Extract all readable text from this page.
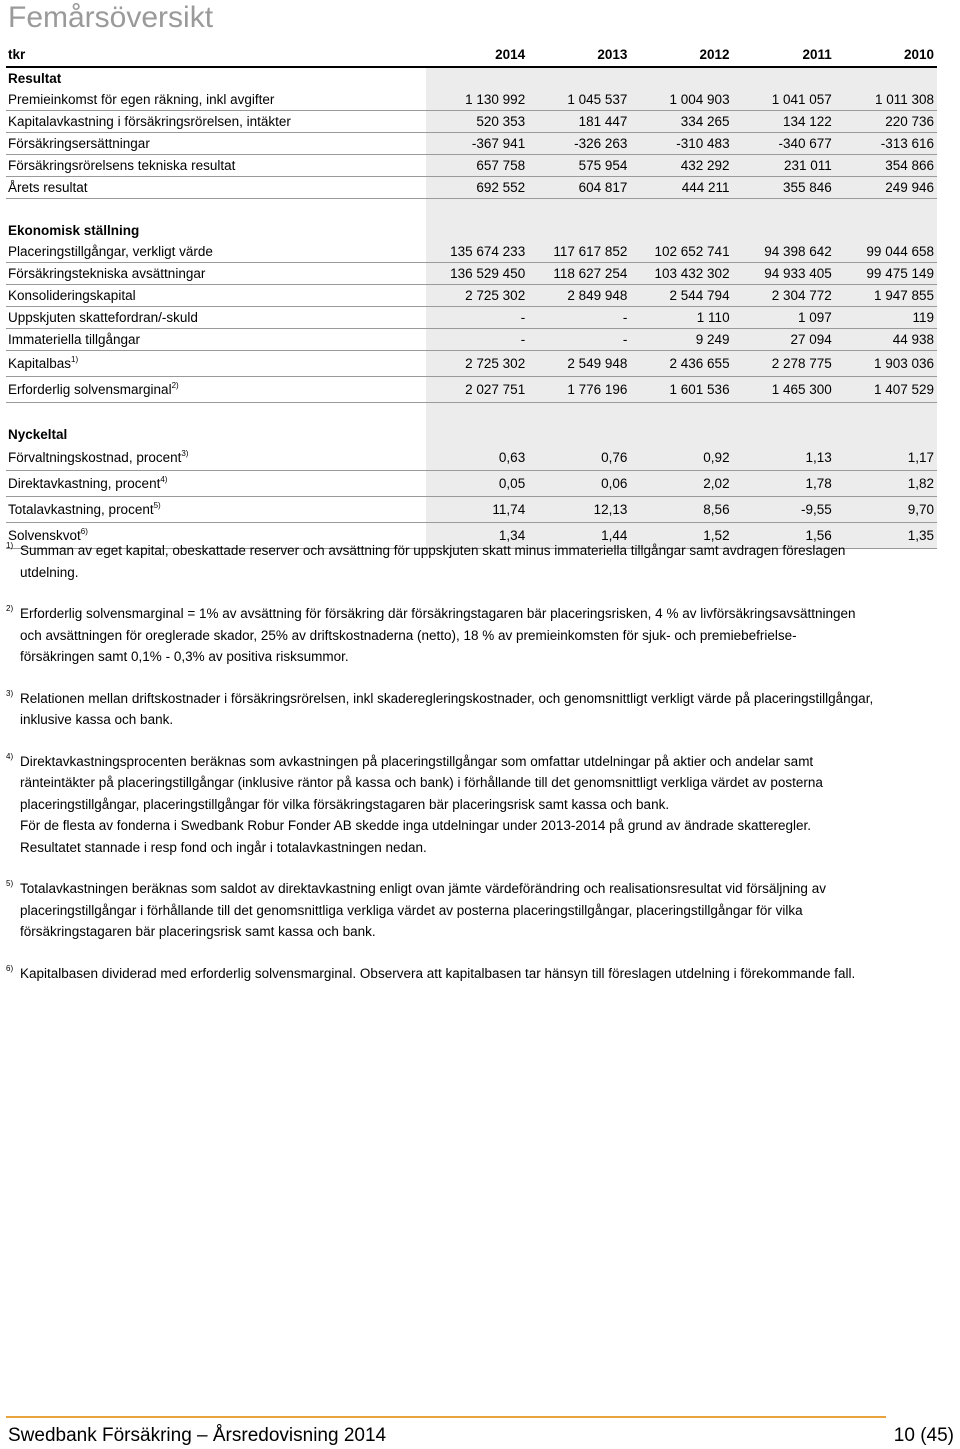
Femårsöversikt
tkr	2014	2013	2012	2011	2010
Resultat					
Premieinkomst för egen räkning, inkl avgifter	1 130 992	1 045 537	1 004 903	1 041 057	1 011 308
Kapitalavkastning i försäkringsrörelsen, intäkter	520 353	181 447	334 265	134 122	220 736
Försäkringsersättningar	-367 941	-326 263	-310 483	-340 677	-313 616
Försäkringsrörelsens tekniska resultat	657 758	575 954	432 292	231 011	354 866
Årets resultat	692 552	604 817	444 211	355 846	249 946

Ekonomisk ställning					
Placeringstillgångar, verkligt värde	135 674 233	117 617 852	102 652 741	94 398 642	99 044 658
Försäkringstekniska avsättningar	136 529 450	118 627 254	103 432 302	94 933 405	99 475 149
Konsolideringskapital	2 725 302	2 849 948	2 544 794	2 304 772	1 947 855
Uppskjuten skattefordran/-skuld	-	-	1 110	1 097	119
Immateriella tillgångar	-	-	9 249	27 094	44 938
Kapitalbas$^{1)}$	2 725 302	2 549 948	2 436 655	2 278 775	1 903 036
Erforderlig solvensmarginal$^{2)}$	2 027 751	1 776 196	1 601 536	1 465 300	1 407 529

Nyckeltal					
Förvaltningskostnad, procent$^{3)}$	0,63	0,76	0,92	1,13	1,17
Direktavkastning, procent$^{4)}$	0,05	0,06	2,02	1,78	1,82
Totalavkastning, procent$^{5)}$	11,74	12,13	8,56	-9,55	9,70
Solvenskvot$^{6)}$	1,34	1,44	1,52	1,56	1,35
1) Summan av eget kapital, obeskattade reserver och avsättning för uppskjuten skatt minus immateriella tillgångar samt avdragen föreslagen

utdelning.

2) Erforderlig solvensmarginal = 1% av avsättning för försäkring där försäkringstagaren bär placeringsrisken, 4 % av livförsäkringsavsättningen

och avsättningen för oreglerade skador, 25% av driftskostnaderna (netto), 18 % av premieinkomsten för sjuk- och premiebefrielse-

försäkringen samt 0,1% - 0,3% av positiva risksummor.

3) Relationen mellan driftskostnader i försäkringsrörelsen, inkl skaderegleringskostnader, och genomsnittligt verkligt värde på placeringstillgångar,

inklusive kassa och bank.

4) Direktavkastningsprocenten beräknas som avkastningen på placeringstillgångar som omfattar utdelningar på aktier och andelar samt

ränteintäkter på placeringstillgångar (inklusive räntor på kassa och bank) i förhållande till det genomsnittligt verkliga värdet av posterna

placeringstillgångar, placeringstillgångar för vilka försäkringstagaren bär placeringsrisk samt kassa och bank.

För de flesta av fonderna i Swedbank Robur Fonder AB skedde inga utdelningar under 2013-2014 på grund av ändrade skatteregler.

Resultatet stannade i resp fond och ingår i totalavkastningen nedan.

5) Totalavkastningen beräknas som saldot av direktavkastning enligt ovan jämte värdeförändring och realisationsresultat vid försäljning av

placeringstillgångar i förhållande till det genomsnittliga verkliga värdet av posterna placeringstillgångar, placeringstillgångar för vilka

försäkringstagaren bär placeringsrisk samt kassa och bank.

6) Kapitalbasen dividerad med erforderlig solvensmarginal. Observera att kapitalbasen tar hänsyn till föreslagen utdelning i förekommande fall.

Swedbank Försäkring – Årsredovisning 2014	10 (45)
